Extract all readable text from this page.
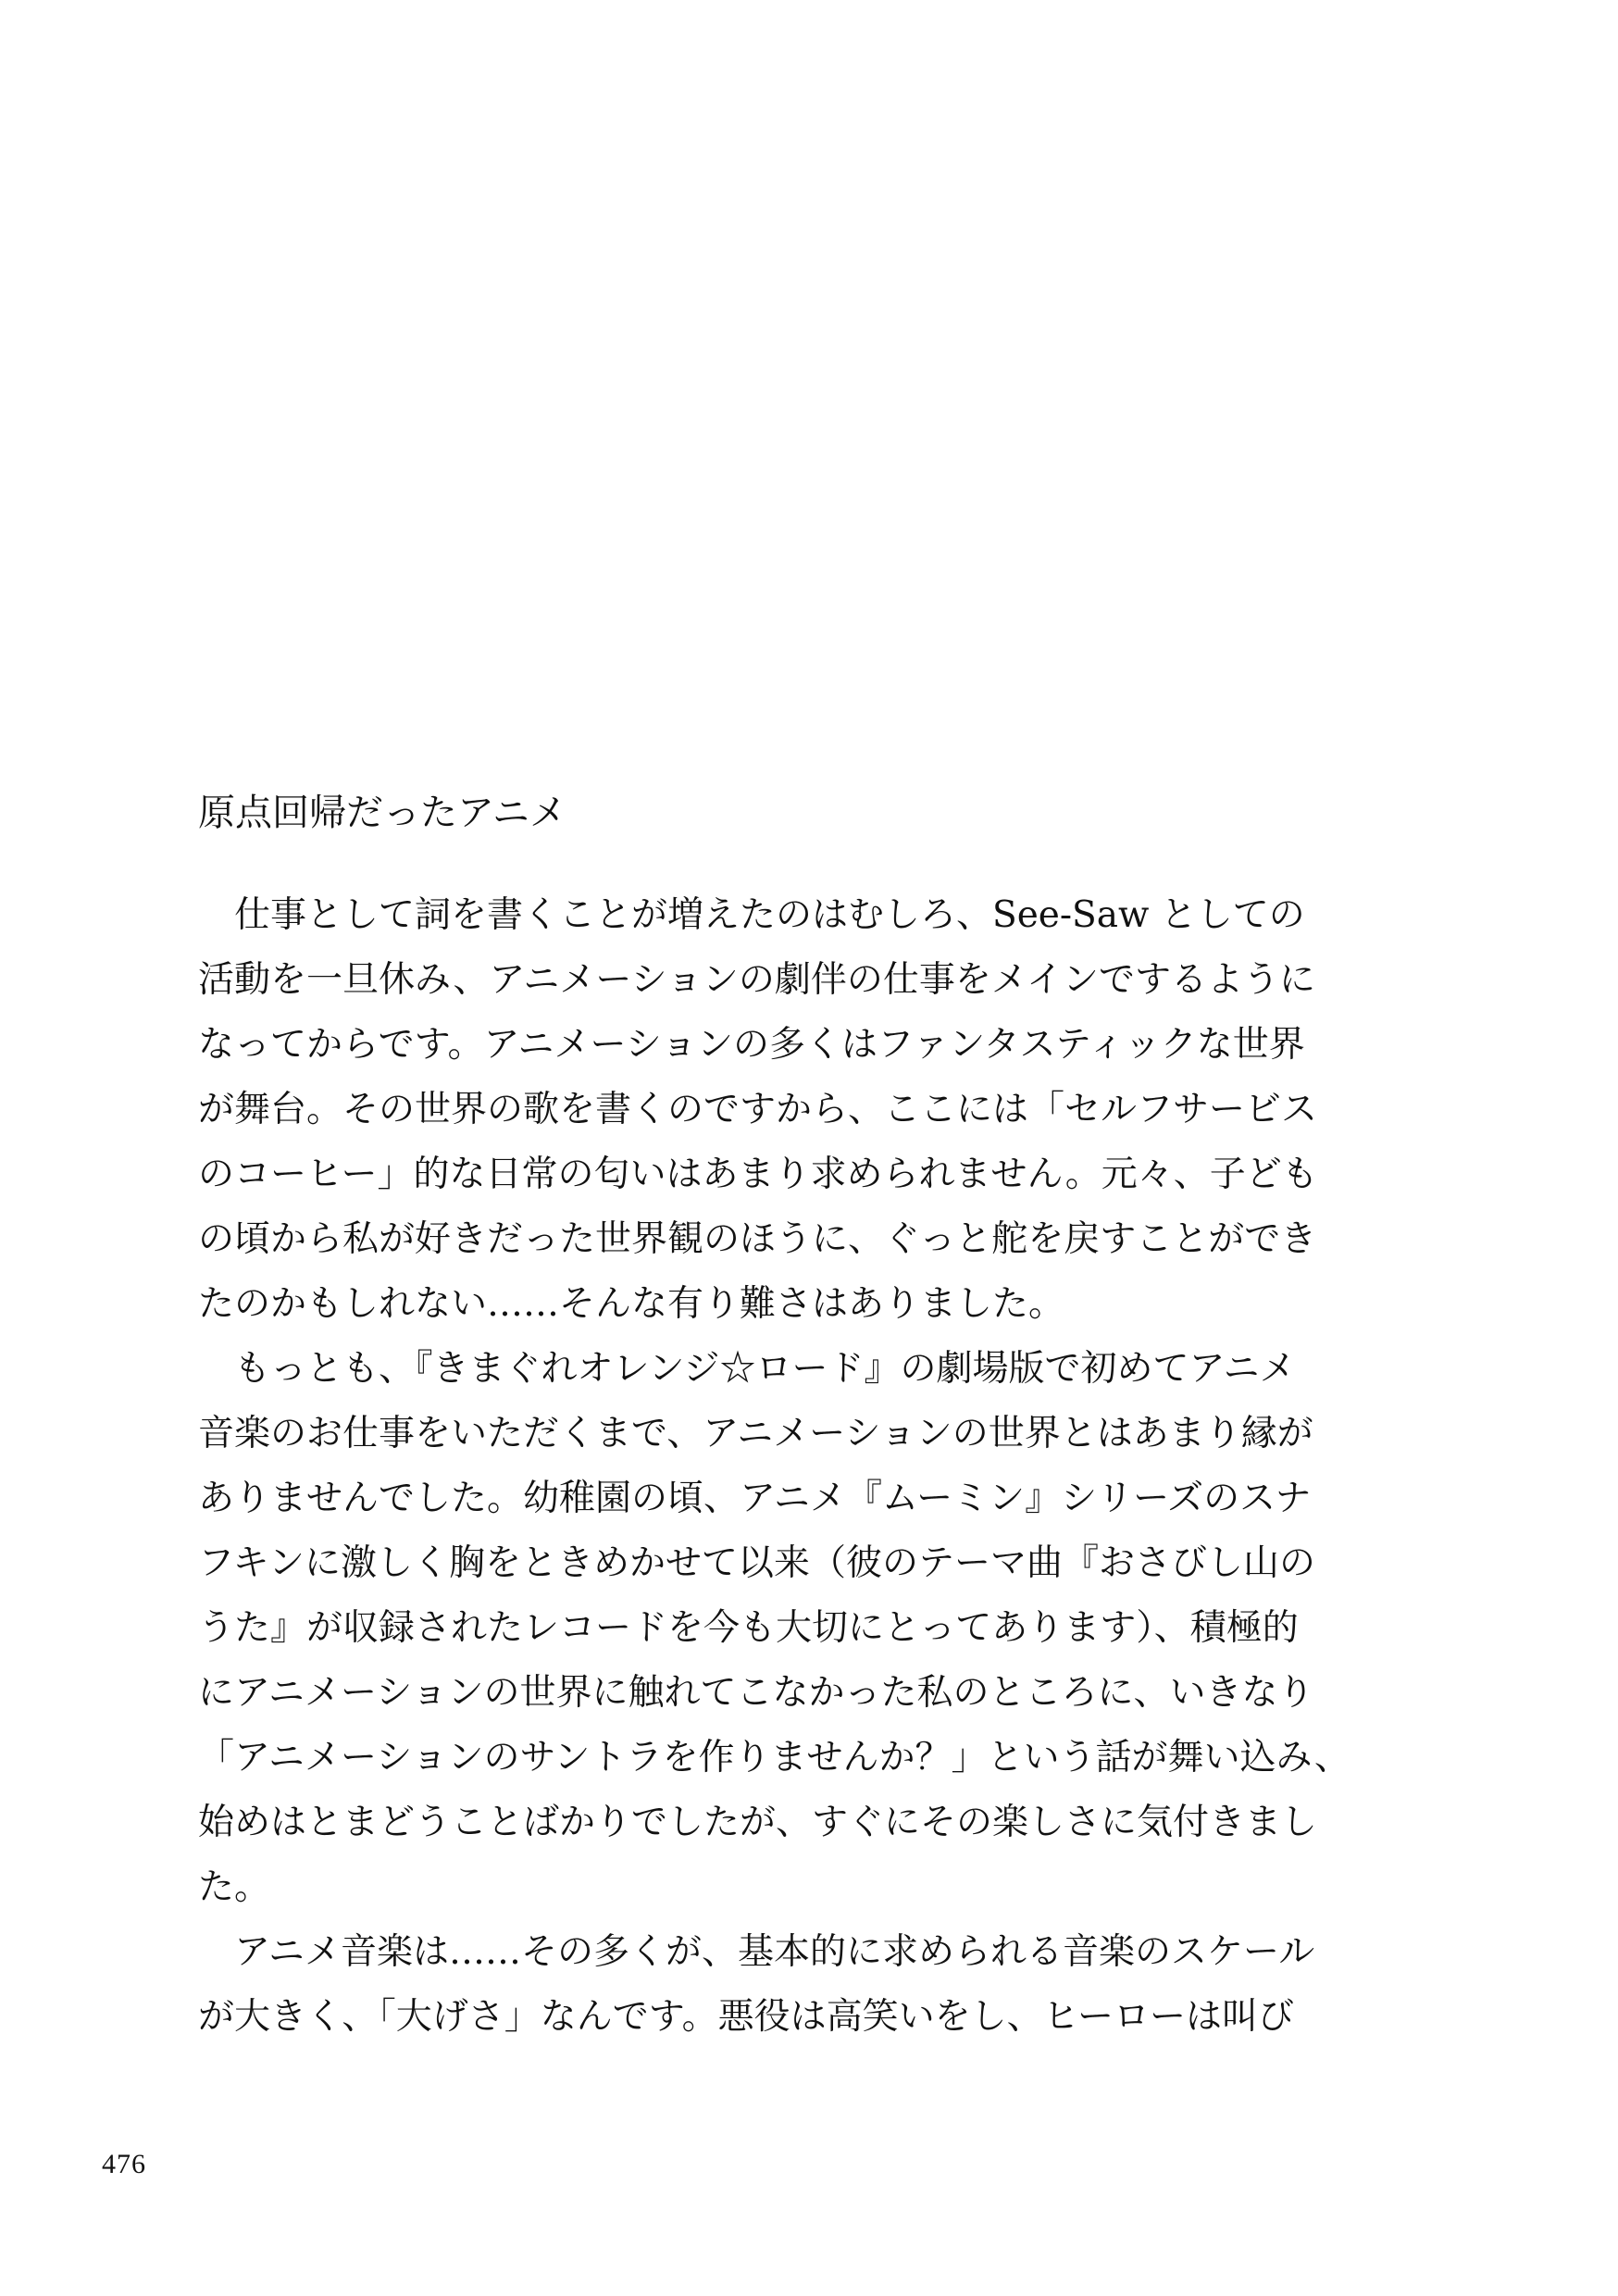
原点回帰だったアニメ
　仕事として詞を書くことが増えたのはむしろ、See-Saw としての
活動を一旦休み、アニメーションの劇伴の仕事をメインでするように
なってからです。アニメーションの多くはファンタスティックな世界
が舞台。その世界の歌を書くのですから、ここには「セルフサービス
のコーヒー」的な日常の匂いはあまり求められません。元々、子ども
の頃から私が好きだった世界観のほうに、ぐっと舵を戻すことができ
たのかもしれない……そんな有り難さはありました。
　もっとも、『きまぐれオレンジ☆ロード』の劇場版で初めてアニメ
音楽のお仕事をいただくまで、アニメーションの世界とはあまり縁が
ありませんでした。幼稚園の頃、アニメ『ムーミン』シリーズのスナ
フキンに激しく胸をときめかせて以来（彼のテーマ曲『おさびし山の
うた』が収録されたレコードを今も大切にとってあります）、積極的
にアニメーションの世界に触れてこなかった私のところに、いきなり
「アニメーションのサントラを作りませんか？」という話が舞い込み、
始めはとまどうことばかりでしたが、すぐにその楽しさに気付きまし
た。
　アニメ音楽は……その多くが、基本的に求められる音楽のスケール
が大きく、「大げさ」なんです。悪役は高笑いをし、ヒーローは叫び
476
